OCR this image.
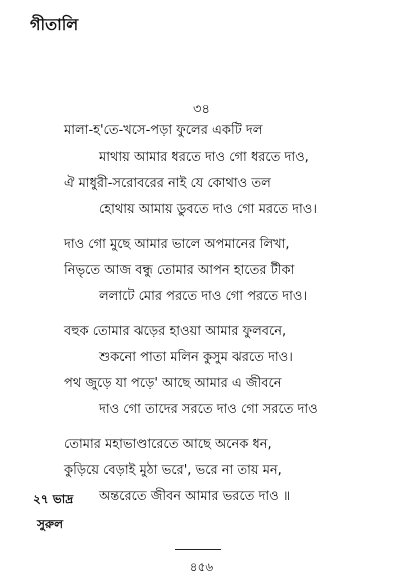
গীতালি
৩৪
মালা-হ'তে-খসে-পড়া ফুলের একটি দল
মাথায় আমার ধরতে দাও গো ধরতে দাও,
ঐ মাধুরী-সরোবরের নাই যে কোথাও তল
হোথায় আমায় ডুবতে দাও গো মরতে দাও।
দাও গো মুছে আমার ভালে অপমানের লিখা,
নিভৃতে আজ বন্ধু তোমার আপন হাতের টীকা
ললাটে মোর পরতে দাও গো পরতে দাও।
বহুক তোমার ঝড়ের হাওয়া আমার ফুলবনে,
শুকনো পাতা মলিন কুসুম ঝরতে দাও।
পথ জুড়ে যা পড়ে' আছে আমার এ জীবনে
দাও গো তাদের সরতে দাও গো সরতে দাও
তোমার মহাভাণ্ডারেতে আছে অনেক ধন,
কুড়িয়ে বেড়াই মুঠা ভরে', ভরে না তায় মন,
অন্তরেতে জীবন আমার ভরতে দাও ॥
২৭ ভাদ্র
সুরুল
৪৫৬
